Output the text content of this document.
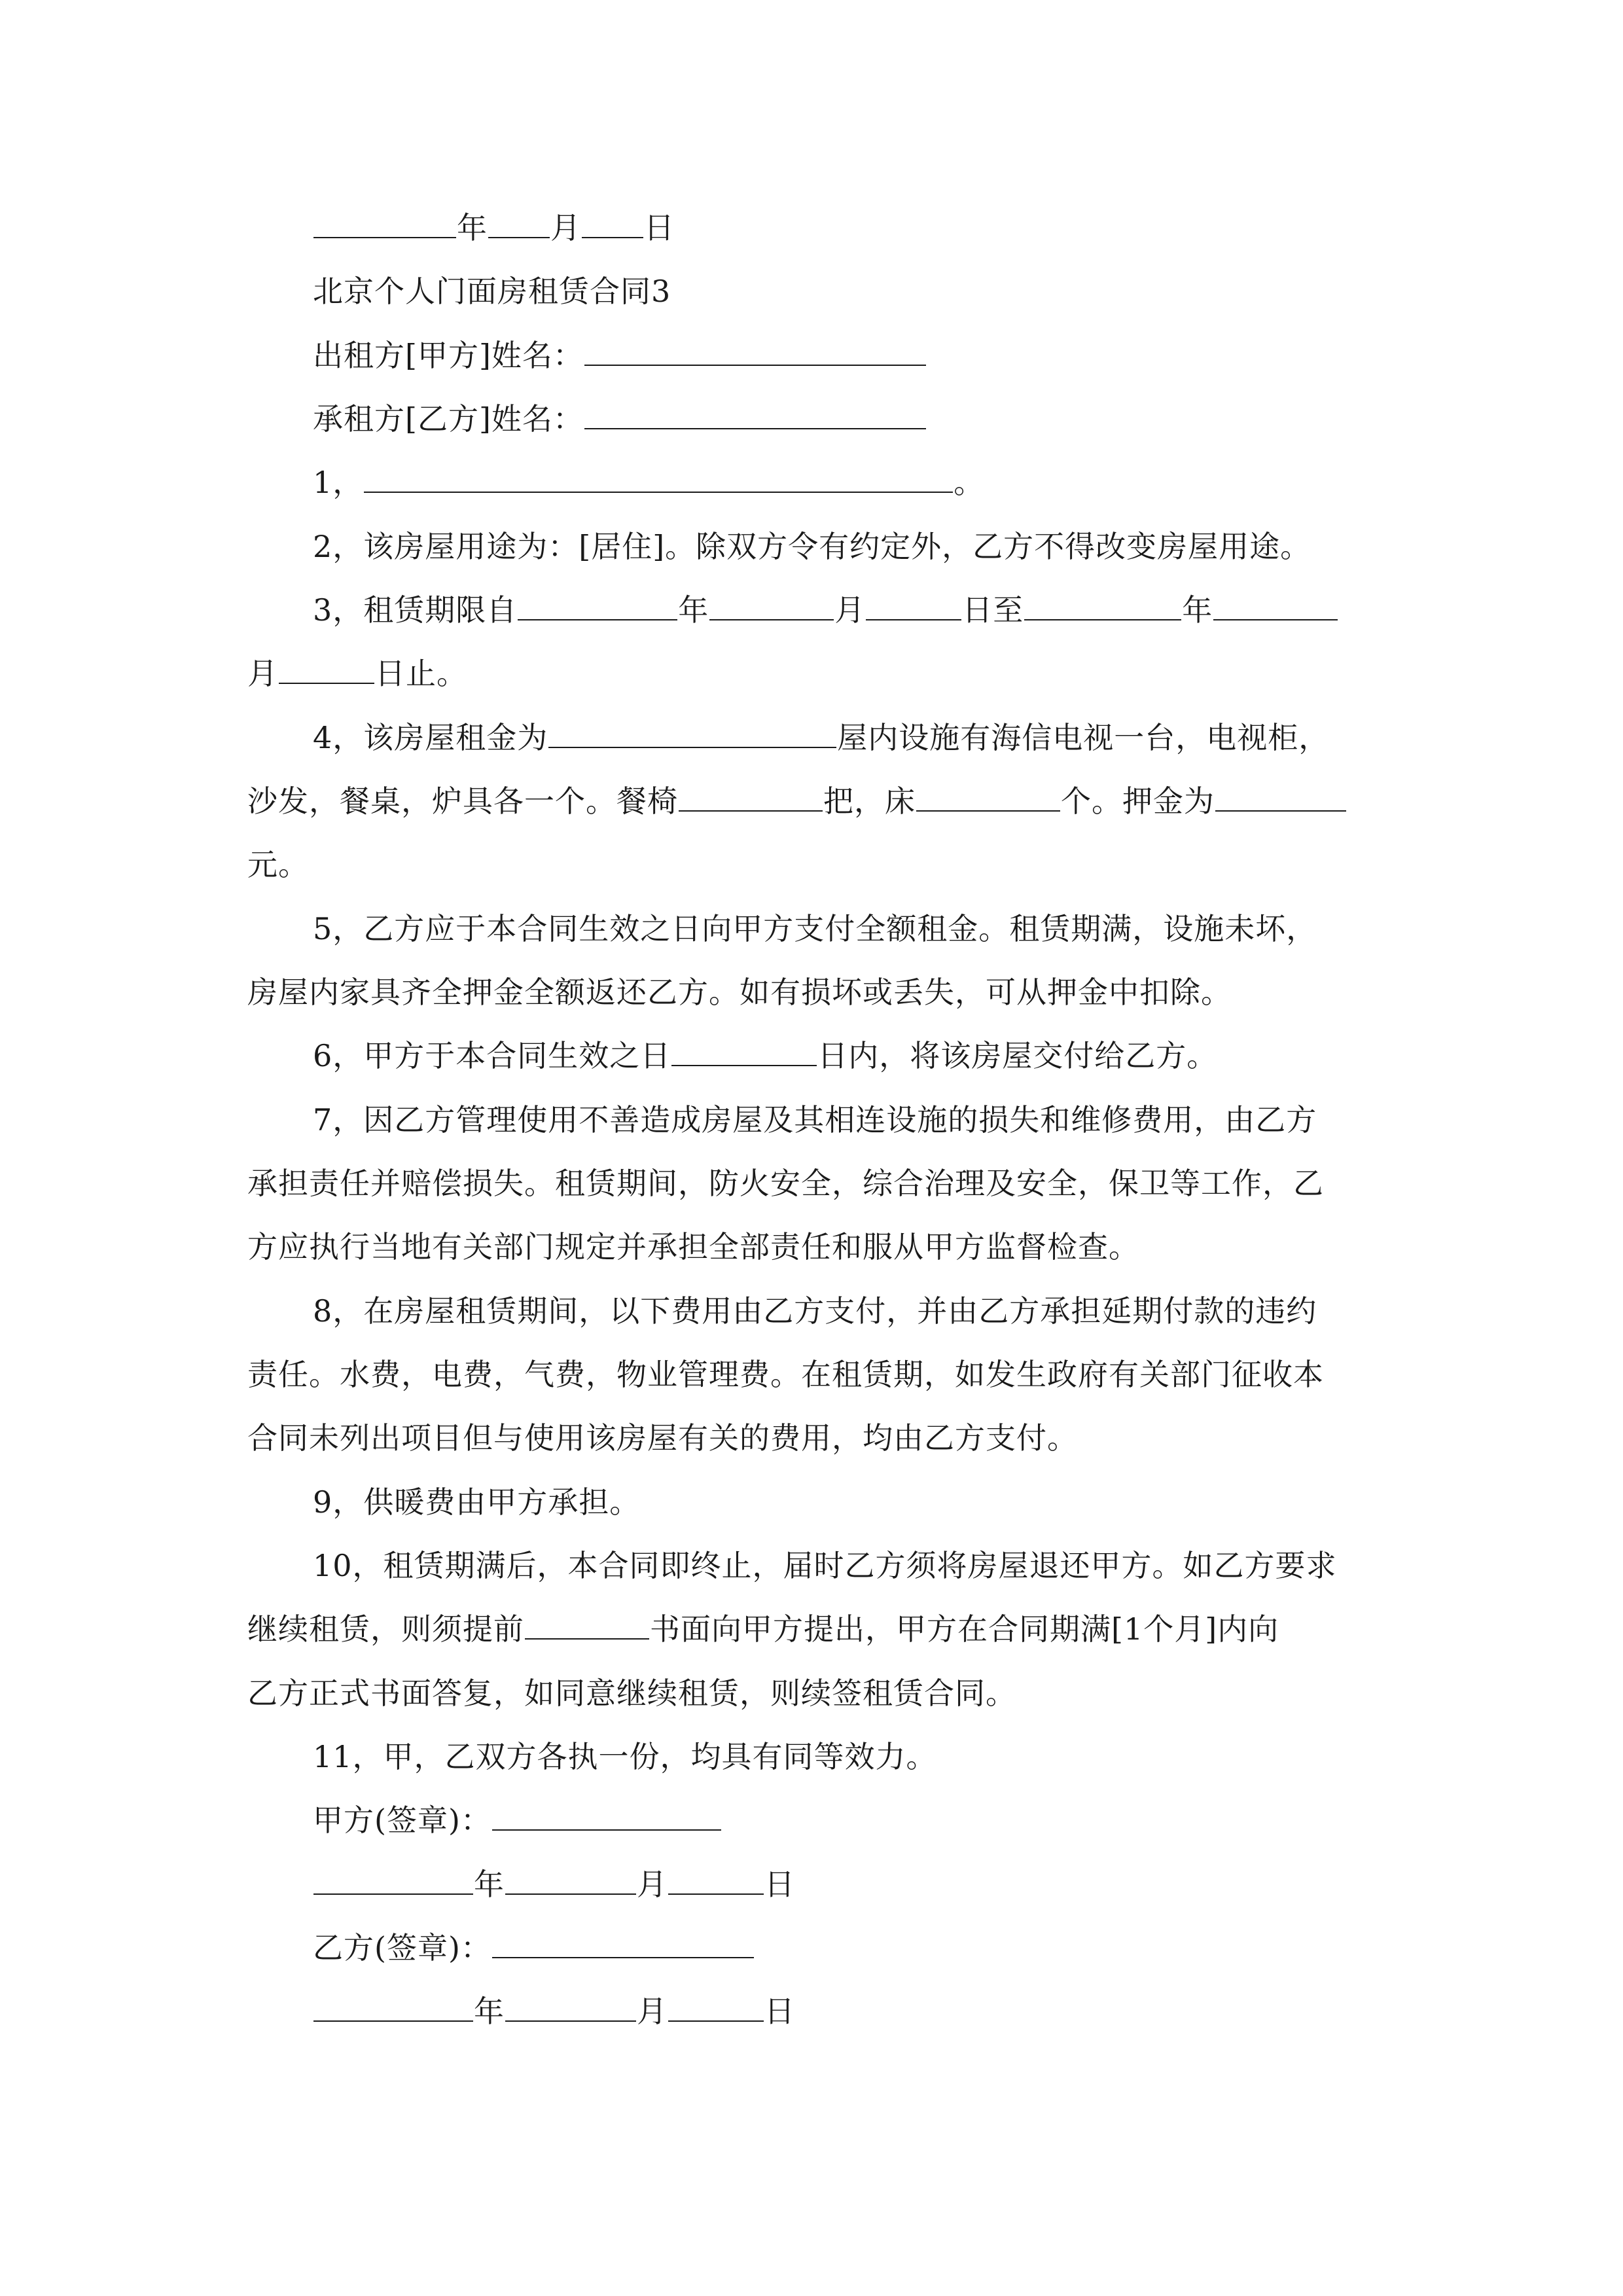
年 月 日
北京个人门面房租赁合同3
出租方[甲方]姓名：
承租方[乙方]姓名：
1，	。
2，该房屋用途为：[居住]。除双方令有约定外，乙方不得改变房屋用途。
3，租赁期限自	年	月	日至	年
月	日止。
4，该房屋租金为	屋内设施有海信电视一台，电视柜，
沙发，餐桌，炉具各一个。餐椅	把，床	个。押金为
元。
5，乙方应于本合同生效之日向甲方支付全额租金。租赁期满，设施未坏，
房屋内家具齐全押金全额返还乙方。如有损坏或丢失，可从押金中扣除。
6，甲方于本合同生效之日	日内，将该房屋交付给乙方。
7，因乙方管理使用不善造成房屋及其相连设施的损失和维修费用，由乙方
承担责任并赔偿损失。租赁期间，防火安全，综合治理及安全，保卫等工作，乙
方应执行当地有关部门规定并承担全部责任和服从甲方监督检查。
8，在房屋租赁期间，以下费用由乙方支付，并由乙方承担延期付款的违约
责任。水费，电费，气费，物业管理费。在租赁期，如发生政府有关部门征收本
合同未列出项目但与使用该房屋有关的费用，均由乙方支付。
9，供暖费由甲方承担。
10，租赁期满后，本合同即终止，届时乙方须将房屋退还甲方。如乙方要求
继续租赁，则须提前	书面向甲方提出，甲方在合同期满[1个月]内向
乙方正式书面答复，如同意继续租赁，则续签租赁合同。
11，甲，乙双方各执一份，均具有同等效力。
甲方(签章)：
年	月	日
乙方(签章)：
年	月	日
